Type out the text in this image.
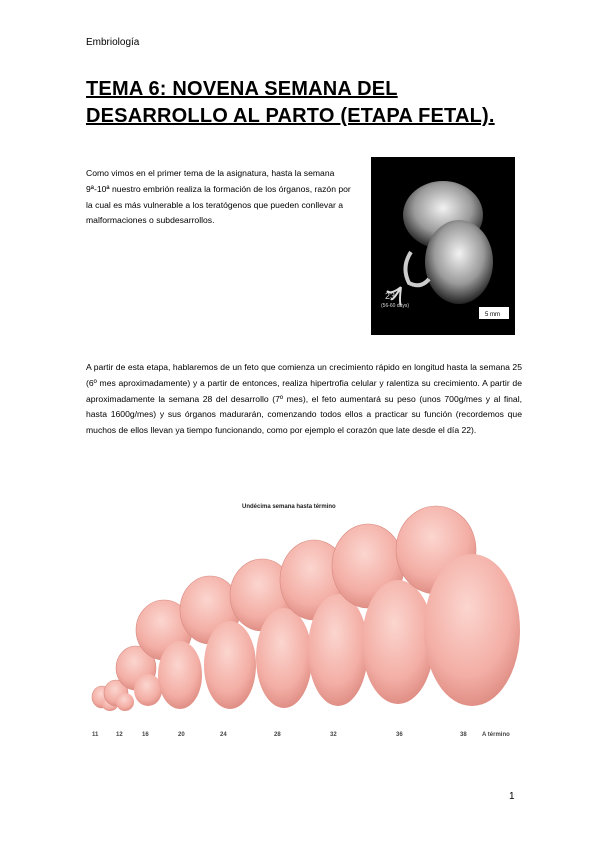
Embriología
TEMA 6: NOVENA SEMANA DEL DESARROLLO AL PARTO (ETAPA FETAL).
Como vimos en el primer tema de la asignatura, hasta la semana 9ª-10ª nuestro embrión realiza la formación de los órganos, razón por la cual es más vulnerable a los teratógenos que pueden conllevar a malformaciones o subdesarrollos.
23
(56-60 days)
5 mm
A partir de esta etapa, hablaremos de un feto que comienza un crecimiento rápido en longitud hasta la semana 25 (6º mes aproximadamente) y a partir de entonces, realiza hipertrofia celular y ralentiza su crecimiento. A partir de aproximadamente la semana 28 del desarrollo (7º mes), el feto aumentará su peso (unos 700g/mes y al final, hasta 1600g/mes) y sus órganos madurarán, comenzando todos ellos a practicar su función (recordemos que muchos de ellos llevan ya tiempo funcionando, como por ejemplo el corazón que late desde el día 22).
Undécima semana hasta término
11	12	16	20	24	28	32	36	38	A término
1
